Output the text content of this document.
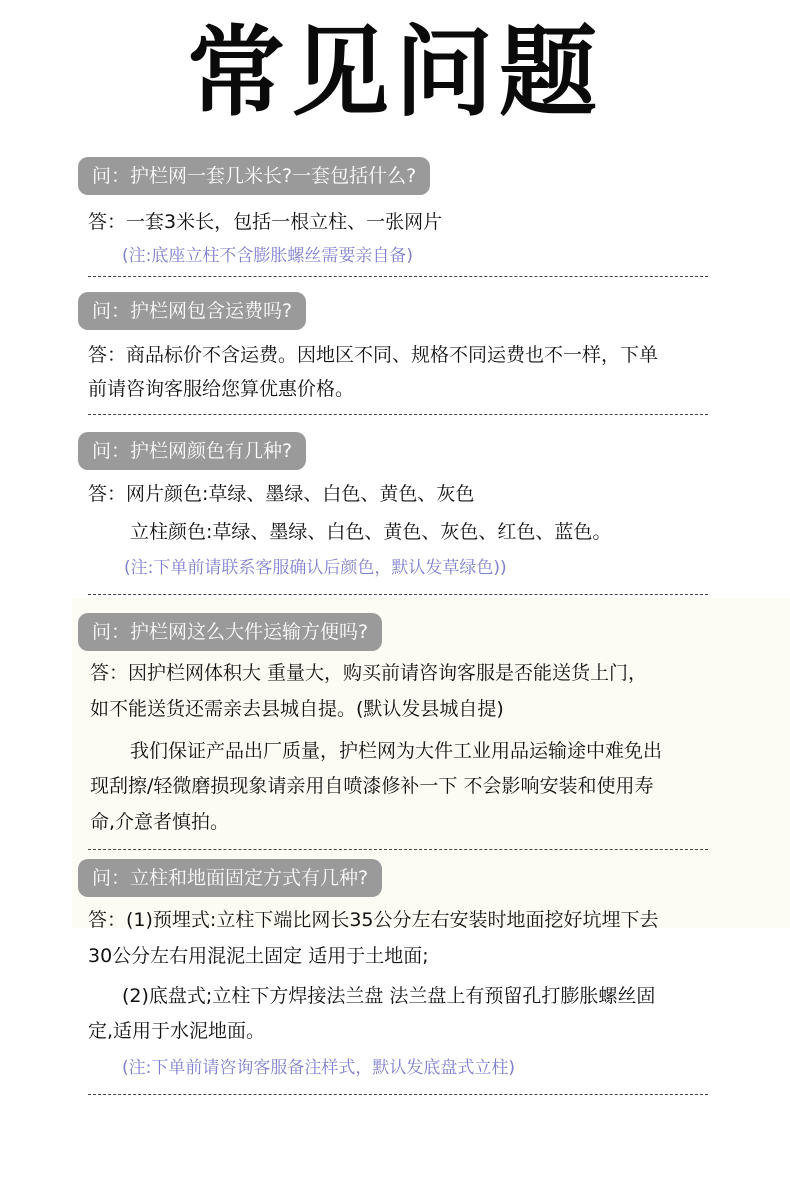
常见问题
问：护栏网一套几米长?一套包括什么?
答：一套3米长，包括一根立柱、一张网片
(注:底座立柱不含膨胀螺丝需要亲自备)
问：护栏网包含运费吗?
答：商品标价不含运费。因地区不同、规格不同运费也不一样，下单
前请咨询客服给您算优惠价格。
问：护栏网颜色有几种?
答：网片颜色:草绿、墨绿、白色、黄色、灰色
立柱颜色:草绿、墨绿、白色、黄色、灰色、红色、蓝色。
(注:下单前请联系客服确认后颜色，默认发草绿色))
问：护栏网这么大件运输方便吗?
答：因护栏网体积大 重量大，购买前请咨询客服是否能送货上门，
如不能送货还需亲去县城自提。(默认发县城自提)
我们保证产品出厂质量，护栏网为大件工业用品运输途中难免出
现刮擦/轻微磨损现象请亲用自喷漆修补一下 不会影响安装和使用寿
命,介意者慎拍。
问：立柱和地面固定方式有几种?
答：(1)预埋式:立柱下端比网长35公分左右安装时地面挖好坑埋下去
30公分左右用混泥土固定 适用于土地面;
(2)底盘式;立柱下方焊接法兰盘 法兰盘上有预留孔打膨胀螺丝固
定,适用于水泥地面。
(注:下单前请咨询客服备注样式，默认发底盘式立柱)
